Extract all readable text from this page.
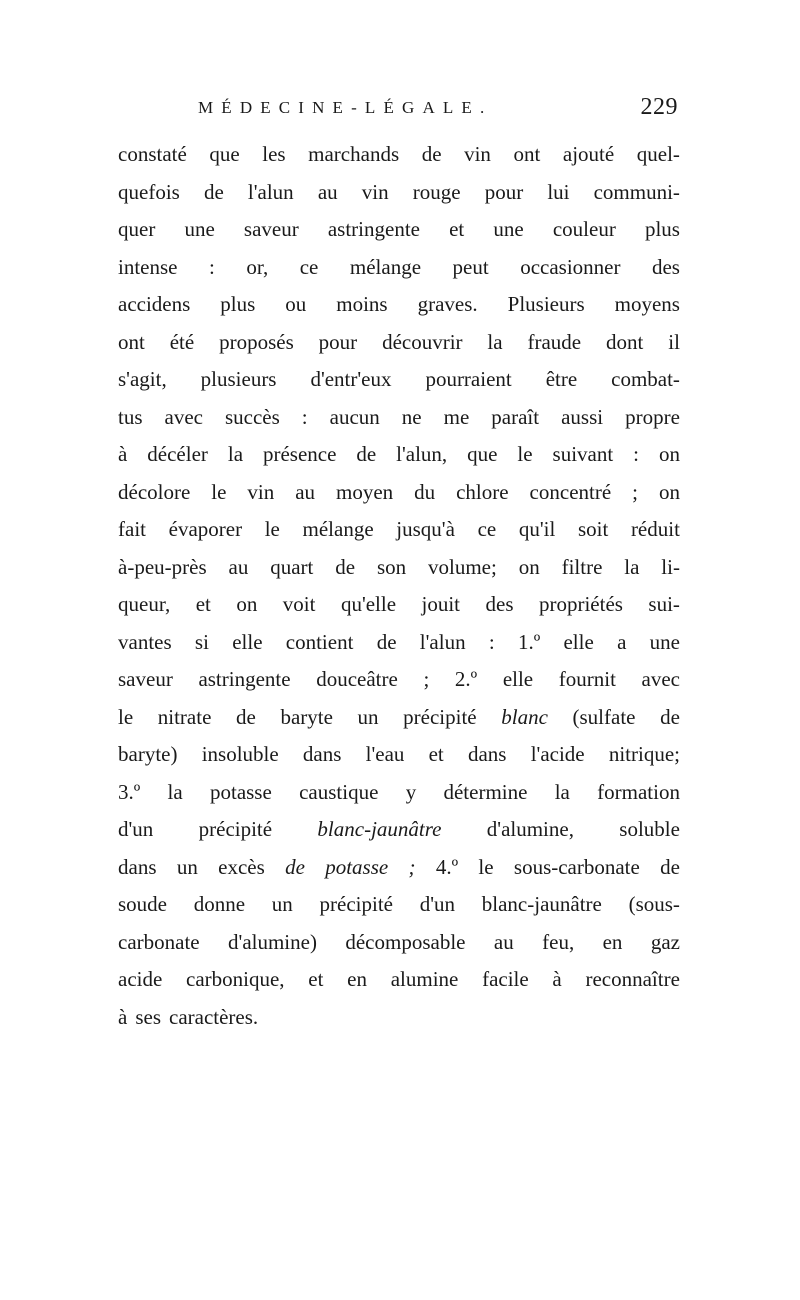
MÉDECINE-LÉGALE.	229
constaté que les marchands de vin ont ajouté quel-
quefois de l'alun au vin rouge pour lui communi-
quer une saveur astringente et une couleur plus
intense : or, ce mélange peut occasionner des
accidens plus ou moins graves. Plusieurs moyens
ont été proposés pour découvrir la fraude dont il
s'agit, plusieurs d'entr'eux pourraient être combat-
tus avec succès : aucun ne me paraît aussi propre
à décéler la présence de l'alun, que le suivant : on
décolore le vin au moyen du chlore concentré ; on
fait évaporer le mélange jusqu'à ce qu'il soit réduit
à-peu-près au quart de son volume; on filtre la li-
queur, et on voit qu'elle jouit des propriétés sui-
vantes si elle contient de l'alun : 1.º elle a une
saveur astringente douceâtre ; 2.º elle fournit avec
le nitrate de baryte un précipité blanc (sulfate de
baryte) insoluble dans l'eau et dans l'acide nitrique;
3.º la potasse caustique y détermine la formation
d'un précipité blanc-jaunâtre d'alumine, soluble
dans un excès de potasse ; 4.º le sous-carbonate de
soude donne un précipité d'un blanc-jaunâtre (sous-
carbonate d'alumine) décomposable au feu, en gaz
acide carbonique, et en alumine facile à reconnaître
à ses caractères.
